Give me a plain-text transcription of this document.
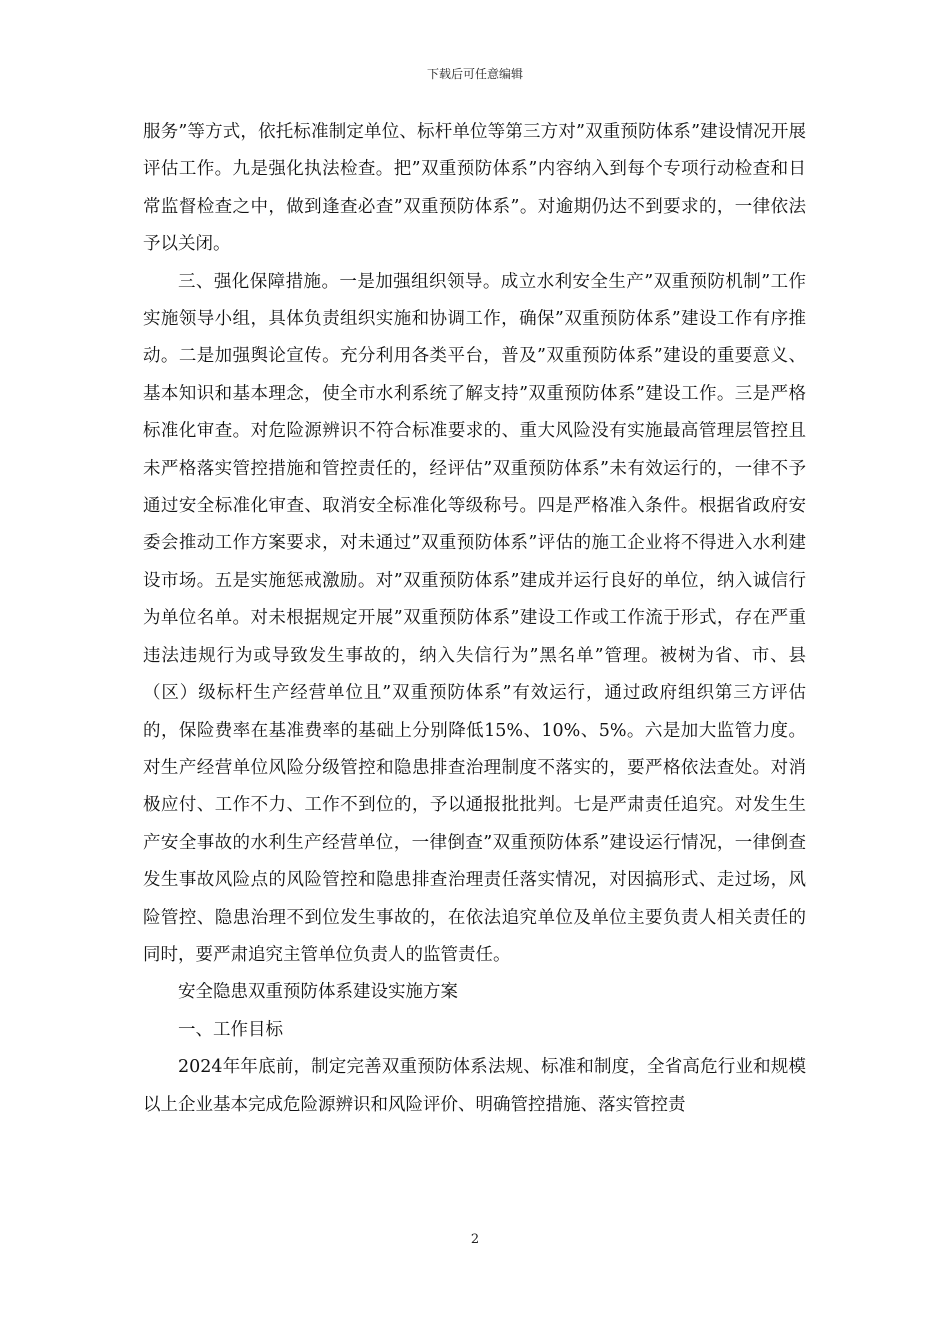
下载后可任意编辑

服务”等方式，依托标准制定单位、标杆单位等第三方对”双重预防体系”建设情况开展评估工作。九是强化执法检查。把”双重预防体系”内容纳入到每个专项行动检查和日常监督检查之中，做到逢查必查”双重预防体系”。对逾期仍达不到要求的，一律依法予以关闭。

三、强化保障措施。一是加强组织领导。成立水利安全生产”双重预防机制”工作实施领导小组，具体负责组织实施和协调工作，确保”双重预防体系”建设工作有序推动。二是加强舆论宣传。充分利用各类平台，普及”双重预防体系”建设的重要意义、基本知识和基本理念，使全市水利系统了解支持”双重预防体系”建设工作。三是严格标准化审查。对危险源辨识不符合标准要求的、重大风险没有实施最高管理层管控且未严格落实管控措施和管控责任的，经评估”双重预防体系”未有效运行的，一律不予通过安全标准化审查、取消安全标准化等级称号。四是严格准入条件。根据省政府安委会推动工作方案要求，对未通过”双重预防体系”评估的施工企业将不得进入水利建设市场。五是实施惩戒激励。对”双重预防体系”建成并运行良好的单位，纳入诚信行为单位名单。对未根据规定开展”双重预防体系”建设工作或工作流于形式，存在严重违法违规行为或导致发生事故的，纳入失信行为”黑名单”管理。被树为省、市、县（区）级标杆生产经营单位且”双重预防体系”有效运行，通过政府组织第三方评估的，保险费率在基准费率的基础上分别降低15%、10%、5%。六是加大监管力度。对生产经营单位风险分级管控和隐患排查治理制度不落实的，要严格依法查处。对消极应付、工作不力、工作不到位的，予以通报批批判。七是严肃责任追究。对发生生产安全事故的水利生产经营单位，一律倒查”双重预防体系”建设运行情况，一律倒查发生事故风险点的风险管控和隐患排查治理责任落实情况，对因搞形式、走过场，风险管控、隐患治理不到位发生事故的，在依法追究单位及单位主要负责人相关责任的同时，要严肃追究主管单位负责人的监管责任。

安全隐患双重预防体系建设实施方案

一、工作目标

2024年年底前，制定完善双重预防体系法规、标准和制度，全省高危行业和规模以上企业基本完成危险源辨识和风险评价、明确管控措施、落实管控责

2
